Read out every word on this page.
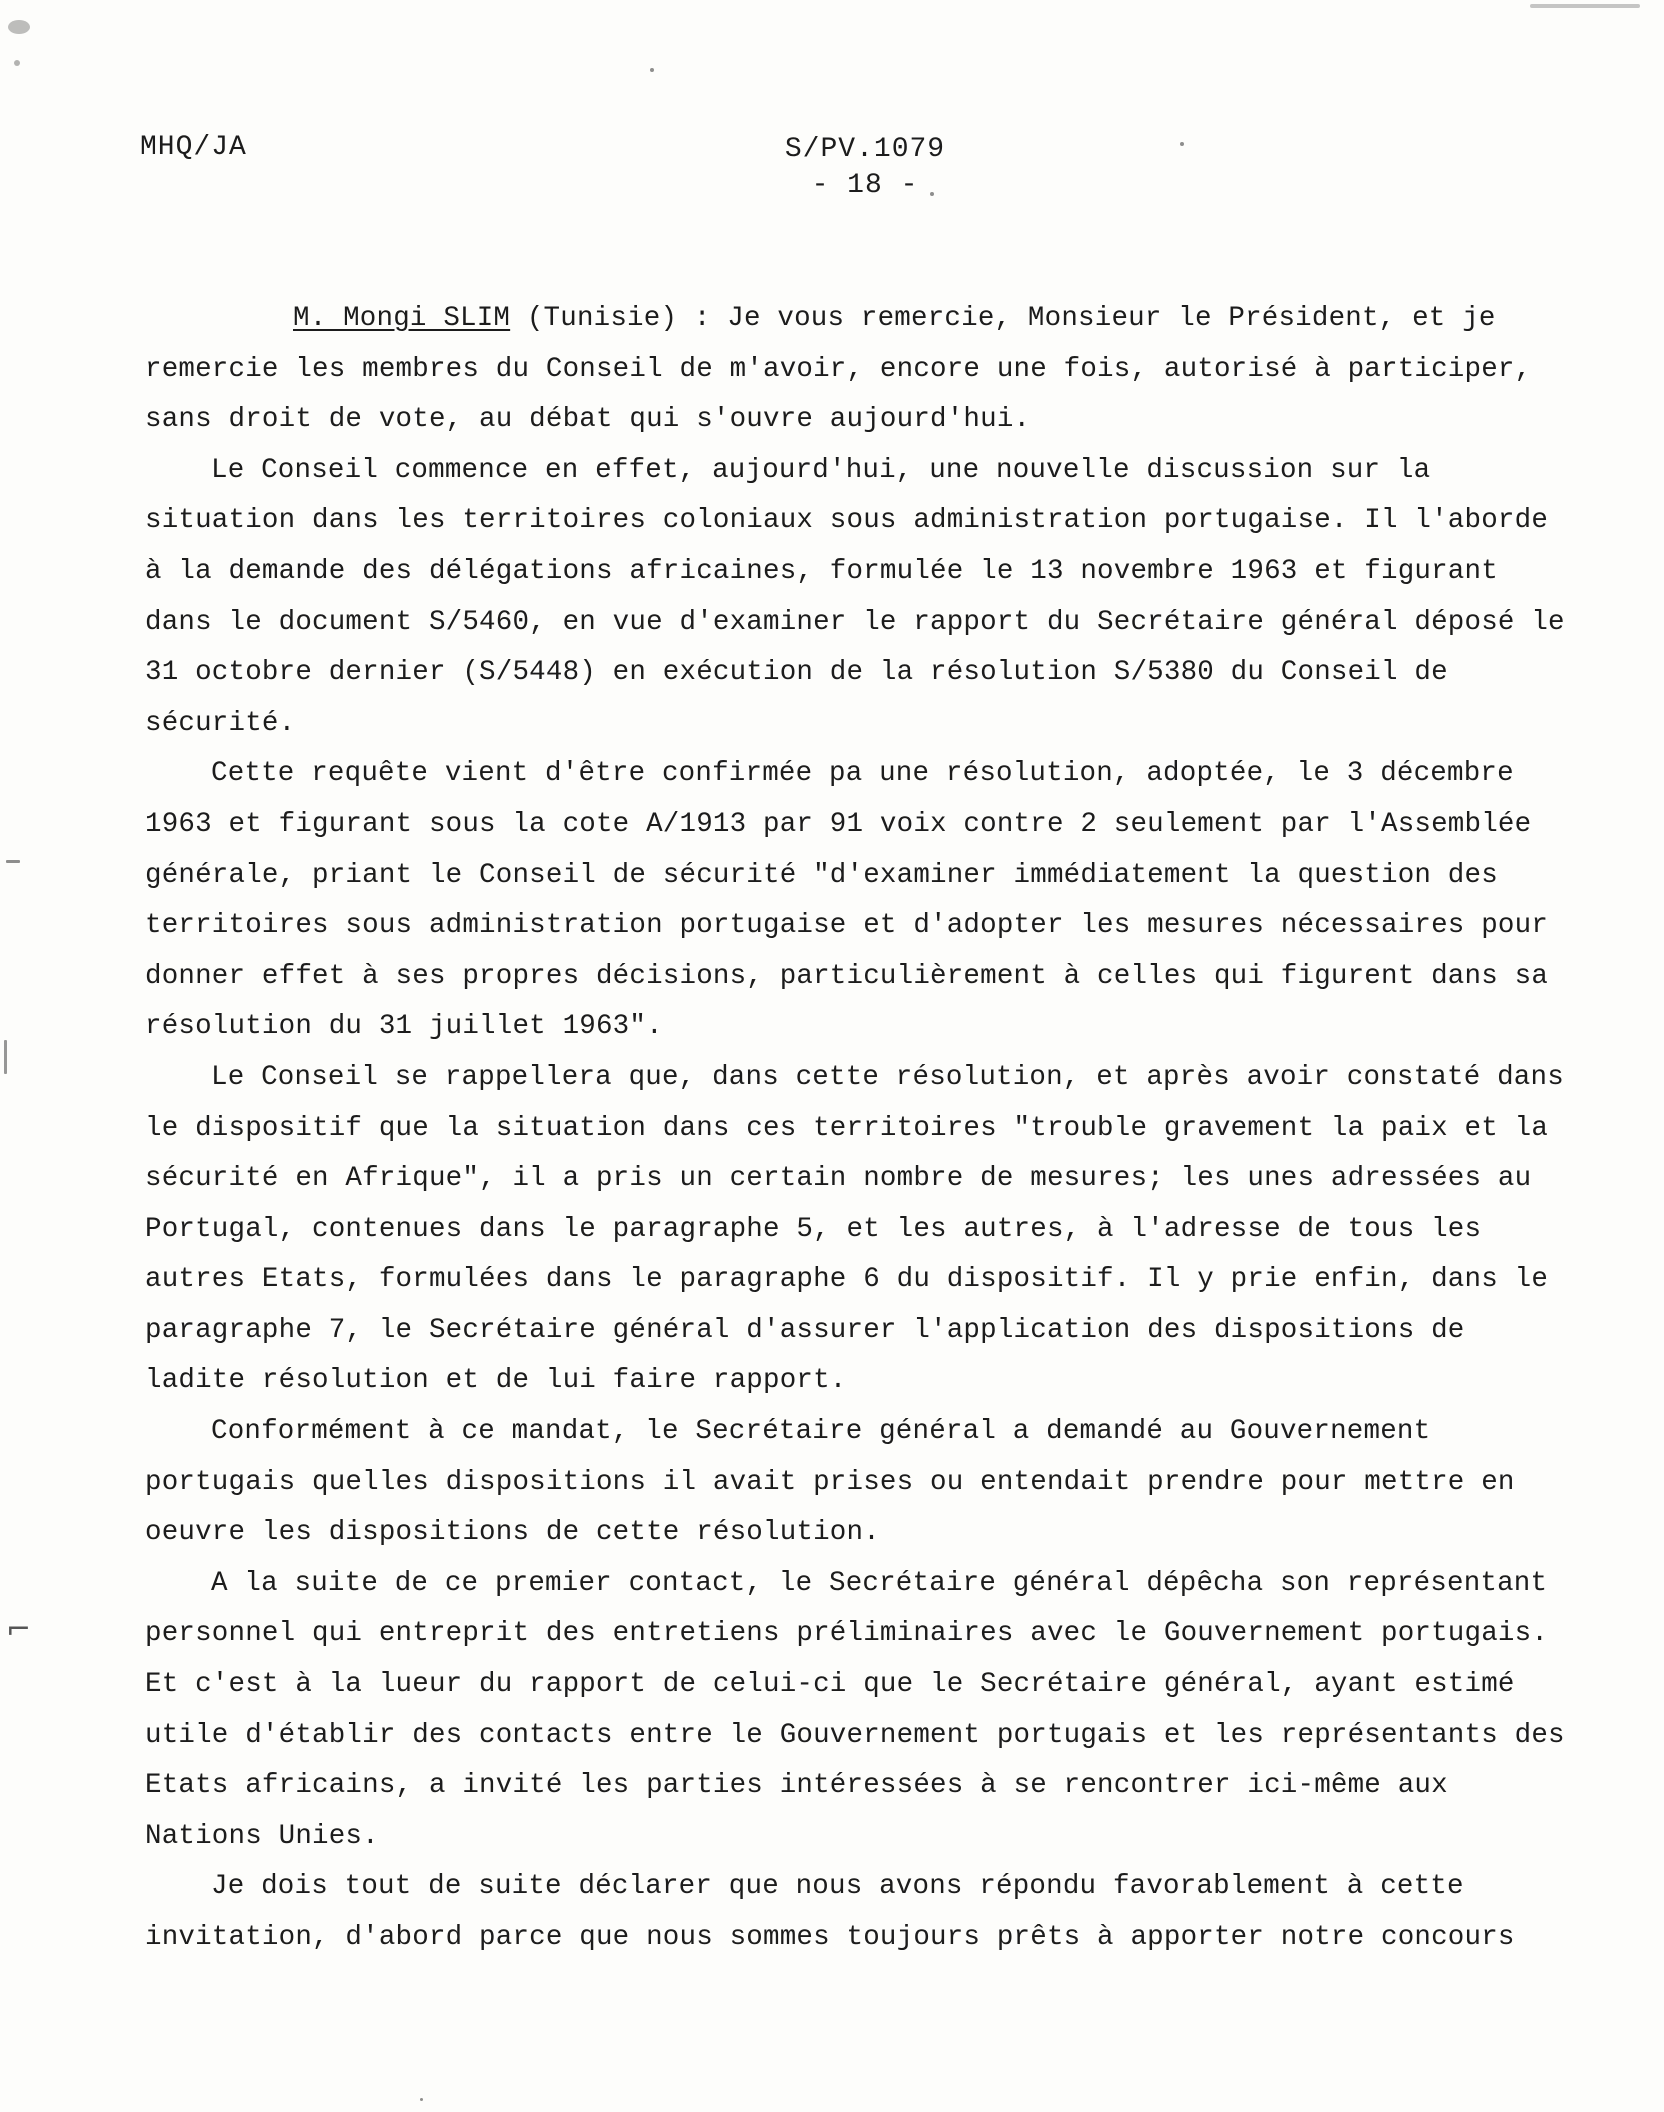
MHQ/JA	S/PV.1079
- 18 -

M. Mongi SLIM (Tunisie) : Je vous remercie, Monsieur le Président, et je remercie les membres du Conseil de m'avoir, encore une fois, autorisé à participer, sans droit de vote, au débat qui s'ouvre aujourd'hui.

Le Conseil commence en effet, aujourd'hui, une nouvelle discussion sur la situation dans les territoires coloniaux sous administration portugaise. Il l'aborde à la demande des délégations africaines, formulée le 13 novembre 1963 et figurant dans le document S/5460, en vue d'examiner le rapport du Secrétaire général déposé le 31 octobre dernier (S/5448) en exécution de la résolution S/5380 du Conseil de sécurité.

Cette requête vient d'être confirmée pa une résolution, adoptée, le 3 décembre 1963 et figurant sous la cote A/1913 par 91 voix contre 2 seulement par l'Assemblée générale, priant le Conseil de sécurité "d'examiner immédiatement la question des territoires sous administration portugaise et d'adopter les mesures nécessaires pour donner effet à ses propres décisions, particulièrement à celles qui figurent dans sa résolution du 31 juillet 1963".

Le Conseil se rappellera que, dans cette résolution, et après avoir constaté dans le dispositif que la situation dans ces territoires "trouble gravement la paix et la sécurité en Afrique", il a pris un certain nombre de mesures; les unes adressées au Portugal, contenues dans le paragraphe 5, et les autres, à l'adresse de tous les autres Etats, formulées dans le paragraphe 6 du dispositif. Il y prie enfin, dans le paragraphe 7, le Secrétaire général d'assurer l'application des dispositions de ladite résolution et de lui faire rapport.

Conformément à ce mandat, le Secrétaire général a demandé au Gouvernement portugais quelles dispositions il avait prises ou entendait prendre pour mettre en oeuvre les dispositions de cette résolution.

A la suite de ce premier contact, le Secrétaire général dépêcha son représentant personnel qui entreprit des entretiens préliminaires avec le Gouvernement portugais. Et c'est à la lueur du rapport de celui-ci que le Secrétaire général, ayant estimé utile d'établir des contacts entre le Gouvernement portugais et les représentants des Etats africains, a invité les parties intéressées à se rencontrer ici-même aux Nations Unies.

Je dois tout de suite déclarer que nous avons répondu favorablement à cette invitation, d'abord parce que nous sommes toujours prêts à apporter notre concours

⌐
